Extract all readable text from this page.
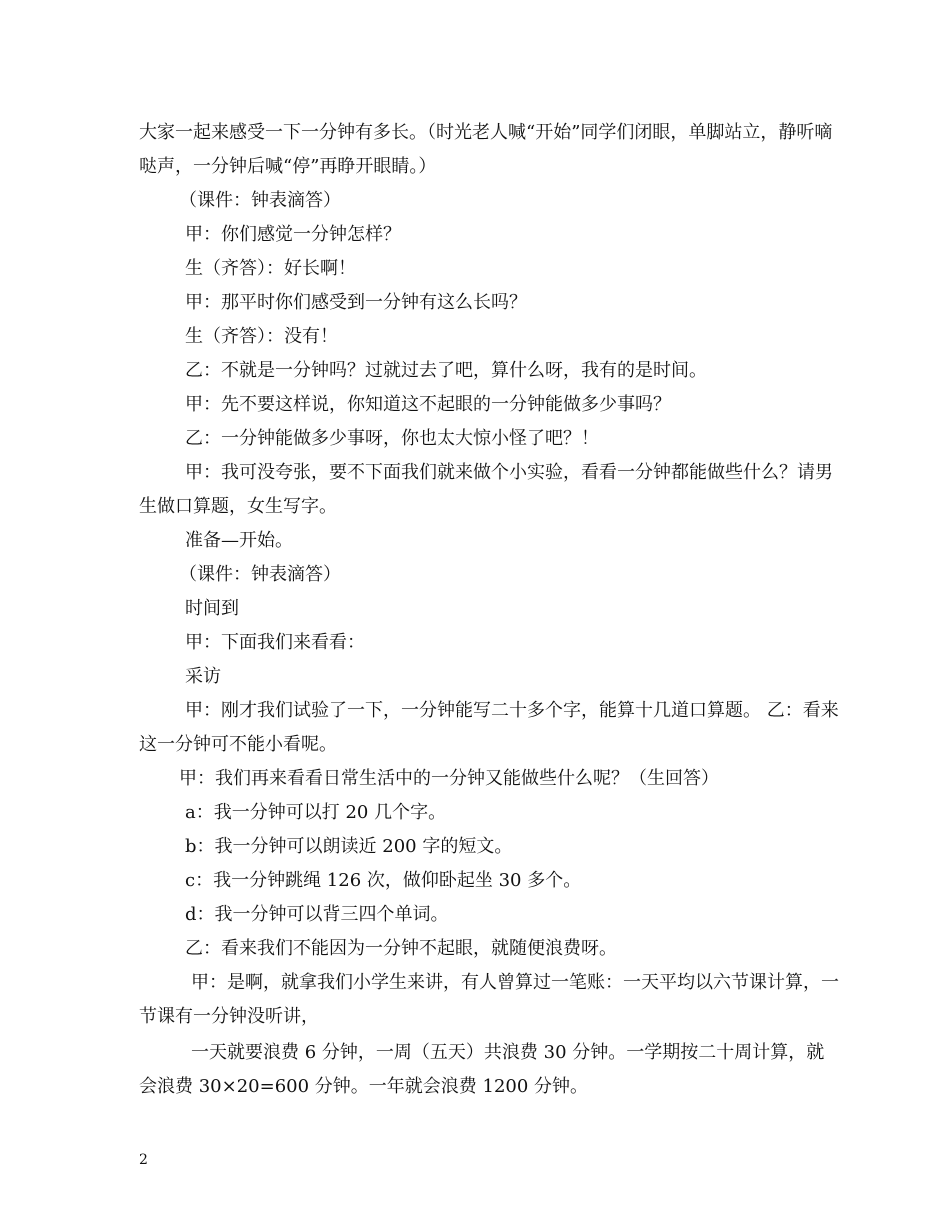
大家一起来感受一下一分钟有多长。（时光老人喊“开始”同学们闭眼，单脚站立，静听嘀哒声，一分钟后喊“停”再睁开眼睛。）

（课件：钟表滴答）

甲：你们感觉一分钟怎样？

生（齐答）：好长啊！

甲：那平时你们感受到一分钟有这么长吗？

生（齐答）：没有！

乙：不就是一分钟吗？过就过去了吧，算什么呀，我有的是时间。

甲：先不要这样说，你知道这不起眼的一分钟能做多少事吗？

乙：一分钟能做多少事呀，你也太大惊小怪了吧？！

甲：我可没夸张，要不下面我们就来做个小实验，看看一分钟都能做些什么？请男生做口算题，女生写字。

准备—开始。

（课件：钟表滴答）

时间到

甲：下面我们来看看：

采访

甲：刚才我们试验了一下，一分钟能写二十多个字，能算十几道口算题。 乙：看来这一分钟可不能小看呢。

甲：我们再来看看日常生活中的一分钟又能做些什么呢？（生回答）

a：我一分钟可以打 20 几个字。

b：我一分钟可以朗读近 200 字的短文。

c：我一分钟跳绳 126 次，做仰卧起坐 30 多个。

d：我一分钟可以背三四个单词。

乙：看来我们不能因为一分钟不起眼，就随便浪费呀。

甲：是啊，就拿我们小学生来讲，有人曾算过一笔账：一天平均以六节课计算，一节课有一分钟没听讲，

一天就要浪费 6 分钟，一周（五天）共浪费 30 分钟。一学期按二十周计算，就会浪费 30×20=600 分钟。一年就会浪费 1200 分钟。

2
